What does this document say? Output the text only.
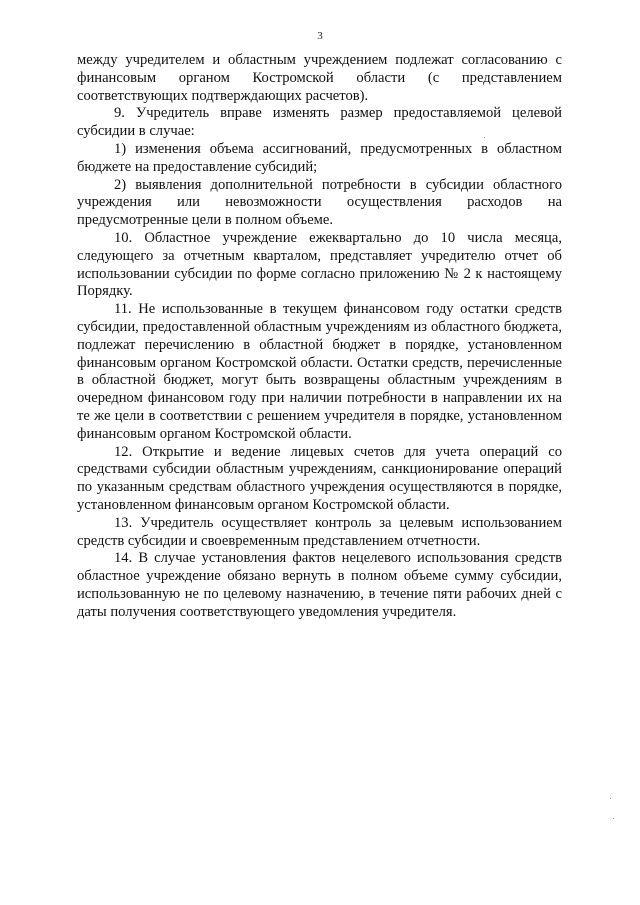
3

между учредителем и областным учреждением подлежат согласованию с финансовым органом Костромской области (с представлением соответствующих подтверждающих расчетов).

9. Учредитель вправе изменять размер предоставляемой целевой субсидии в случае:

1) изменения объема ассигнований, предусмотренных в областном бюджете на предоставление субсидий;

2) выявления дополнительной потребности в субсидии областного учреждения или невозможности осуществления расходов на предусмотренные цели в полном объеме.

10. Областное учреждение ежеквартально до 10 числа месяца, следующего за отчетным кварталом, представляет учредителю отчет об использовании субсидии по форме согласно приложению № 2 к настоящему Порядку.

11. Не использованные в текущем финансовом году остатки средств субсидии, предоставленной областным учреждениям из областного бюджета, подлежат перечислению в областной бюджет в порядке, установленном финансовым органом Костромской области. Остатки средств, перечисленные в областной бюджет, могут быть возвращены областным учреждениям в очередном финансовом году при наличии потребности в направлении их на те же цели в соответствии с решением учредителя в порядке, установленном финансовым органом Костромской области.

12. Открытие и ведение лицевых счетов для учета операций со средствами субсидии областным учреждениям, санкционирование операций по указанным средствам областного учреждения осуществляются в порядке, установленном финансовым органом Костромской области.

13. Учредитель осуществляет контроль за целевым использованием средств субсидии и своевременным представлением отчетности.

14. В случае установления фактов нецелевого использования средств областное учреждение обязано вернуть в полном объеме сумму субсидии, использованную не по целевому назначению, в течение пяти рабочих дней с даты получения соответствующего уведомления учредителя.
